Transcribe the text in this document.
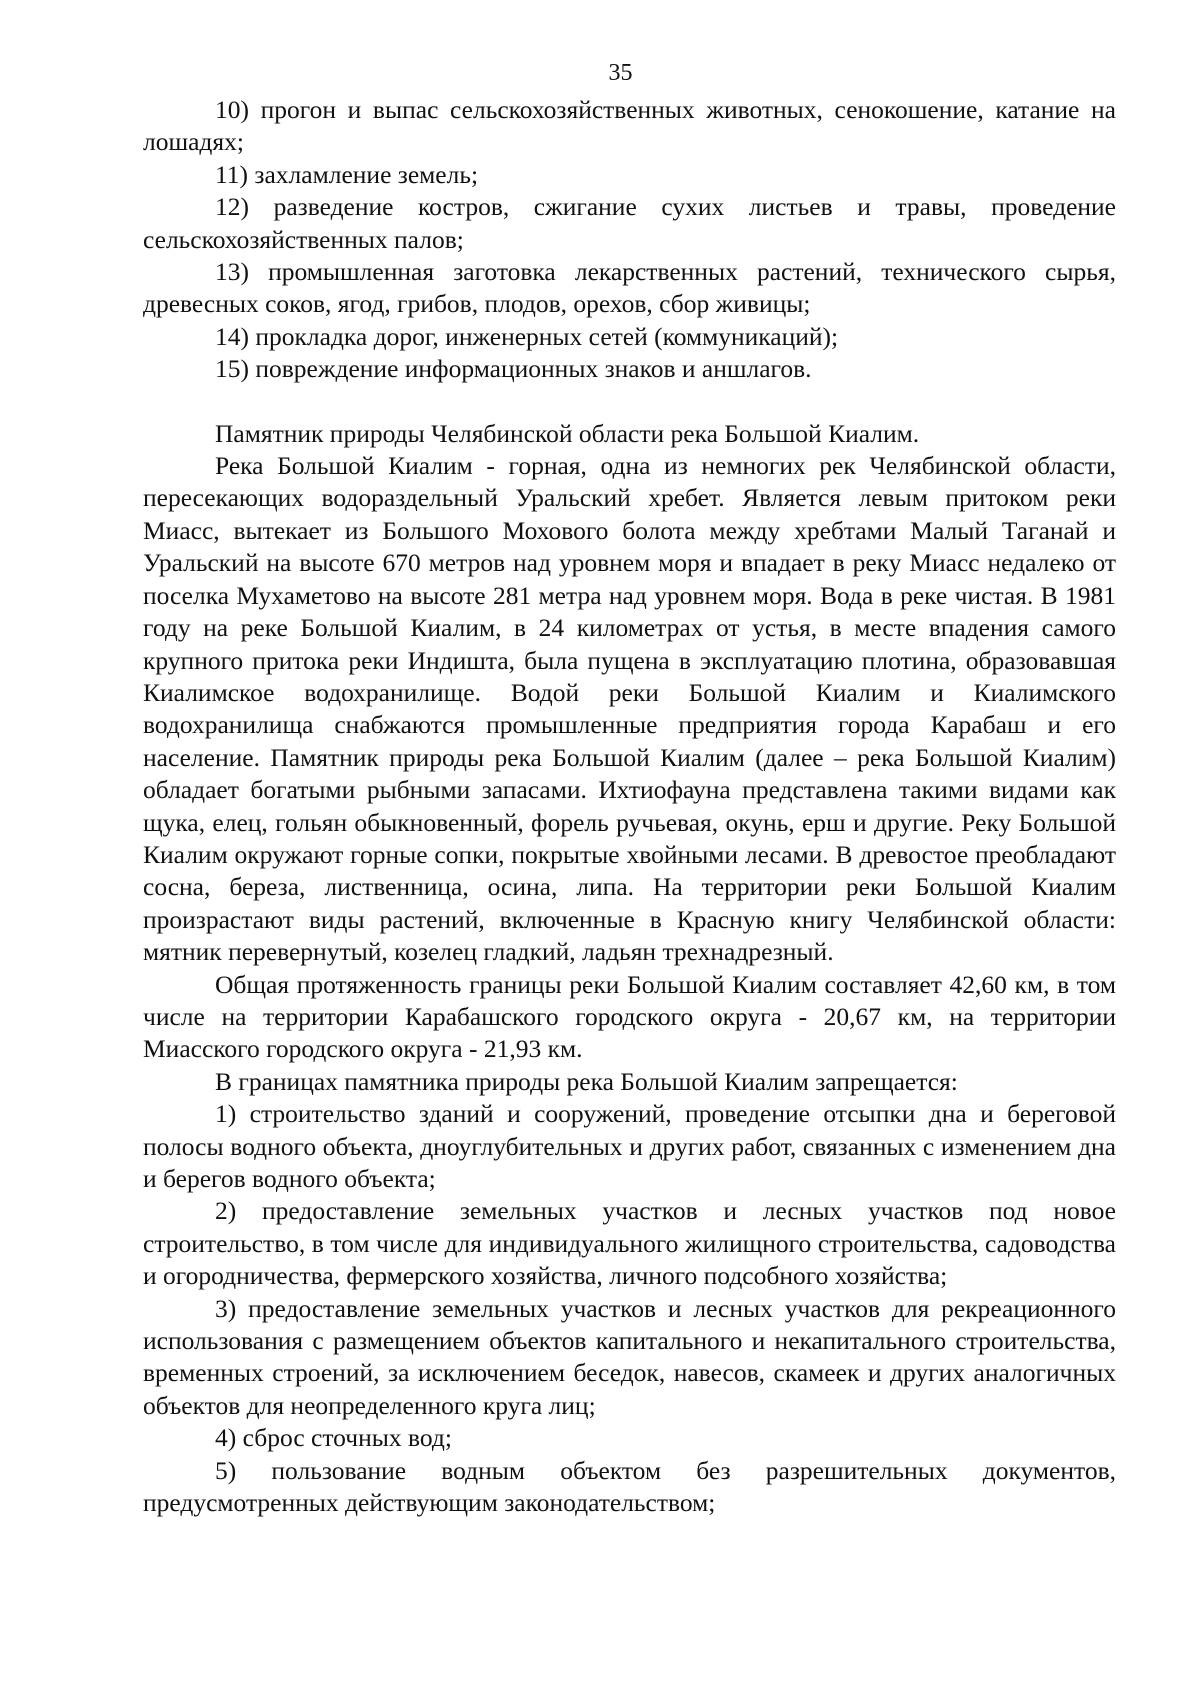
35

10) прогон и выпас сельскохозяйственных животных, сенокошение, катание на лошадях;

11) захламление земель;

12) разведение костров, сжигание сухих листьев и травы, проведение сельскохозяйственных палов;

13) промышленная заготовка лекарственных растений, технического сырья, древесных соков, ягод, грибов, плодов, орехов, сбор живицы;

14) прокладка дорог, инженерных сетей (коммуникаций);

15) повреждение информационных знаков и аншлагов.

Памятник природы Челябинской области река Большой Киалим.

Река Большой Киалим - горная, одна из немногих рек Челябинской области, пересекающих водораздельный Уральский хребет. Является левым притоком реки Миасс, вытекает из Большого Мохового болота между хребтами Малый Таганай и Уральский на высоте 670 метров над уровнем моря и впадает в реку Миасс недалеко от поселка Мухаметово на высоте 281 метра над уровнем моря. Вода в реке чистая. В 1981 году на реке Большой Киалим, в 24 километрах от устья, в месте впадения самого крупного притока реки Индишта, была пущена в эксплуатацию плотина, образовавшая Киалимское водохранилище. Водой реки Большой Киалим и Киалимского водохранилища снабжаются промышленные предприятия города Карабаш и его население. Памятник природы река Большой Киалим (далее – река Большой Киалим) обладает богатыми рыбными запасами. Ихтиофауна представлена такими видами как щука, елец, гольян обыкновенный, форель ручьевая, окунь, ерш и другие. Реку Большой Киалим окружают горные сопки, покрытые хвойными лесами. В древостое преобладают сосна, береза, лиственница, осина, липа. На территории реки Большой Киалим произрастают виды растений, включенные в Красную книгу Челябинской области: мятник перевернутый, козелец гладкий, ладьян трехнадрезный.

Общая протяженность границы реки Большой Киалим составляет 42,60 км, в том числе на территории Карабашского городского округа - 20,67 км, на территории Миасского городского округа - 21,93 км.

В границах памятника природы река Большой Киалим запрещается:

1) строительство зданий и сооружений, проведение отсыпки дна и береговой полосы водного объекта, дноуглубительных и других работ, связанных с изменением дна и берегов водного объекта;

2) предоставление земельных участков и лесных участков под новое строительство, в том числе для индивидуального жилищного строительства, садоводства и огородничества, фермерского хозяйства, личного подсобного хозяйства;

3) предоставление земельных участков и лесных участков для рекреационного использования с размещением объектов капитального и некапитального строительства, временных строений, за исключением беседок, навесов, скамеек и других аналогичных объектов для неопределенного круга лиц;

4) сброс сточных вод;

5) пользование водным объектом без разрешительных документов, предусмотренных действующим законодательством;
